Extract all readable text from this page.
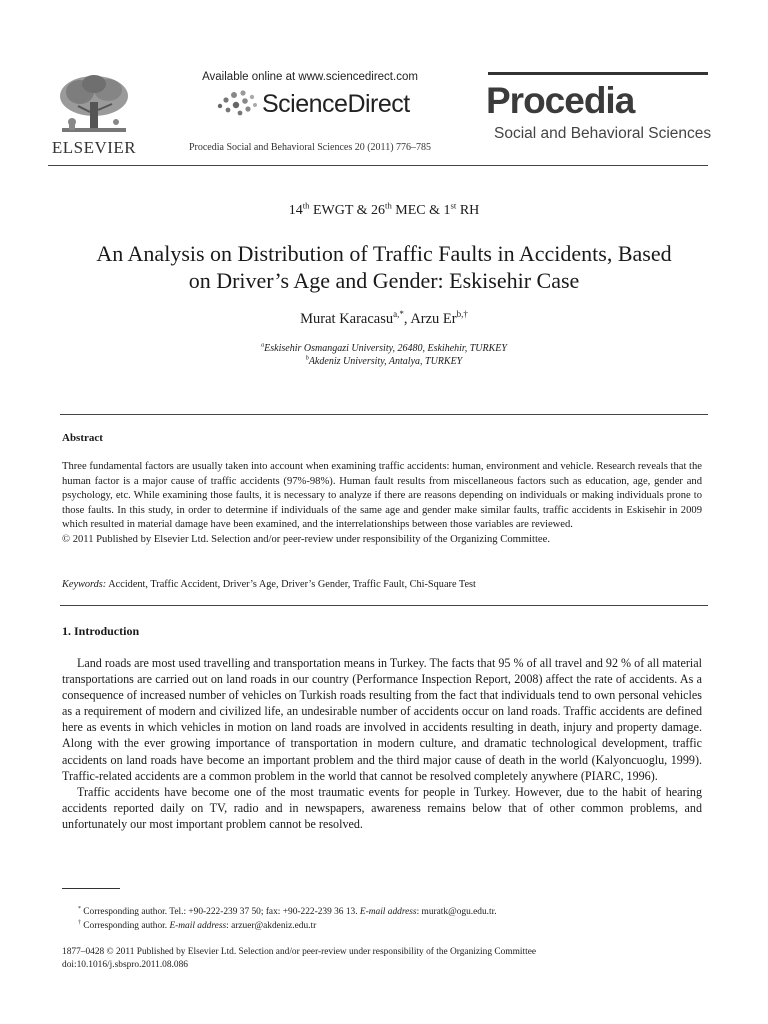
ELSEVIER
Available online at www.sciencedirect.com
ScienceDirect
Procedia Social and Behavioral Sciences 20 (2011) 776–785
Procedia
Social and Behavioral Sciences
14th EWGT & 26th MEC & 1st RH
An Analysis on Distribution of Traffic Faults in Accidents, Based
on Driver’s Age and Gender: Eskisehir Case
Murat Karacasu$^{a,*}$, Arzu $Er^{b,\dagger}$
$^a$Eskisehir Osmangazi University, 26480, Eskihehir, TURKEY
$^b$Akdeniz University, Antalya, TURKEY
Abstract

Three fundamental factors are usually taken into account when examining traffic accidents: human, environment and vehicle. Research reveals that the human factor is a major cause of traffic accidents (97%-98%). Human fault results from miscellaneous factors such as education, age, gender and psychology, etc. While examining those faults, it is necessary to analyze if there are reasons depending on individuals or making individuals prone to those faults. In this study, in order to determine if individuals of the same age and gender make similar faults, traffic accidents in Eskisehir in 2009 which resulted in material damage have been examined, and the interrelationships between those variables are reviewed.

© 2011 Published by Elsevier Ltd. Selection and/or peer-review under responsibility of the Organizing Committee.

Keywords: Accident, Traffic Accident, Driver’s Age, Driver’s Gender, Traffic Fault, Chi-Square Test
1. Introduction

Land roads are most used travelling and transportation means in Turkey. The facts that 95 % of all travel and 92 % of all material transportations are carried out on land roads in our country (Performance Inspection Report, 2008) affect the rate of accidents. As a consequence of increased number of vehicles on Turkish roads resulting from the fact that individuals tend to own personal vehicles as a requirement of modern and civilized life, an undesirable number of accidents occur on land roads. Traffic accidents are defined here as events in which vehicles in motion on land roads are involved in accidents resulting in death, injury and property damage. Along with the ever growing importance of transportation in modern culture, and dramatic technological development, traffic accidents on land roads have become an important problem and the third major cause of death in the world (Kalyoncuoglu, 1999). Traffic-related accidents are a common problem in the world that cannot be resolved completely anywhere (PIARC, 1996).

Traffic accidents have become one of the most traumatic events for people in Turkey. However, due to the habit of hearing accidents reported daily on TV, radio and in newspapers, awareness remains below that of other common problems, and unfortunately our most important problem cannot be resolved.

* Corresponding author. Tel.: +90-222-239 37 50; fax: +90-222-239 36 13. E-mail address: muratk@ogu.edu.tr.
† Corresponding author. E-mail address: arzuer@akdeniz.edu.tr
1877–0428 © 2011 Published by Elsevier Ltd. Selection and/or peer-review under responsibility of the Organizing Committee
doi:10.1016/j.sbspro.2011.08.086
